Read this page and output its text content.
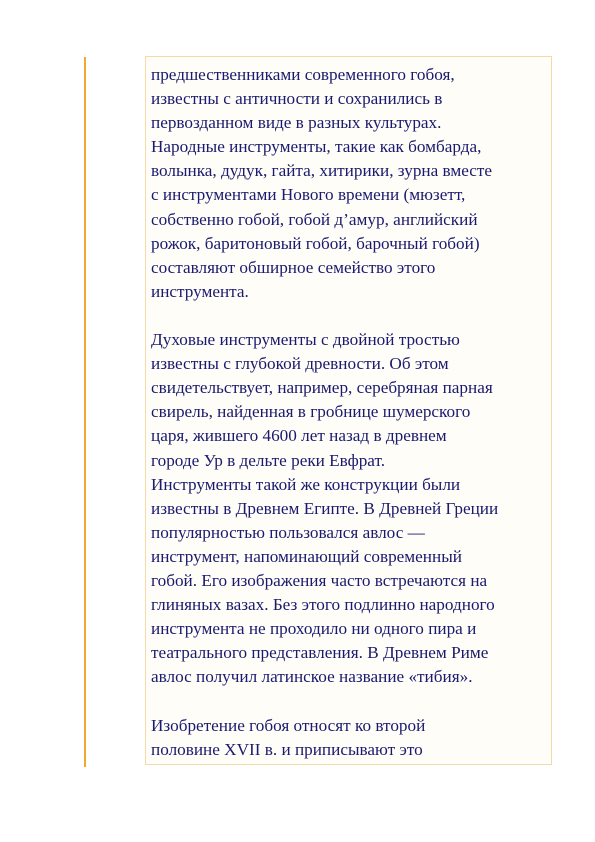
предшественниками современного гобоя,
известны с античности и сохранились в
первозданном виде в разных культурах.
Народные инструменты, такие как бомбарда,
волынка, дудук, гайта, хитирики, зурна вместе
с инструментами Нового времени (мюзетт,
собственно гобой, гобой д’амур, английский
рожок, баритоновый гобой, барочный гобой)
составляют обширное семейство этого
инструмента.

Духовые инструменты с двойной тростью
известны с глубокой древности. Об этом
свидетельствует, например, серебряная парная
свирель, найденная в гробнице шумерского
царя, жившего 4600 лет назад в древнем
городе Ур в дельте реки Евфрат.
Инструменты такой же конструкции были
известны в Древнем Египте. В Древней Греции
популярностью пользовался авлос —
инструмент, напоминающий современный
гобой. Его изображения часто встречаются на
глиняных вазах. Без этого подлинно народного
инструмента не проходило ни одного пира и
театрального представления. В Древнем Риме
авлос получил латинское название «тибия».

Изобретение гобоя относят ко второй
половине XVII в. и приписывают это
